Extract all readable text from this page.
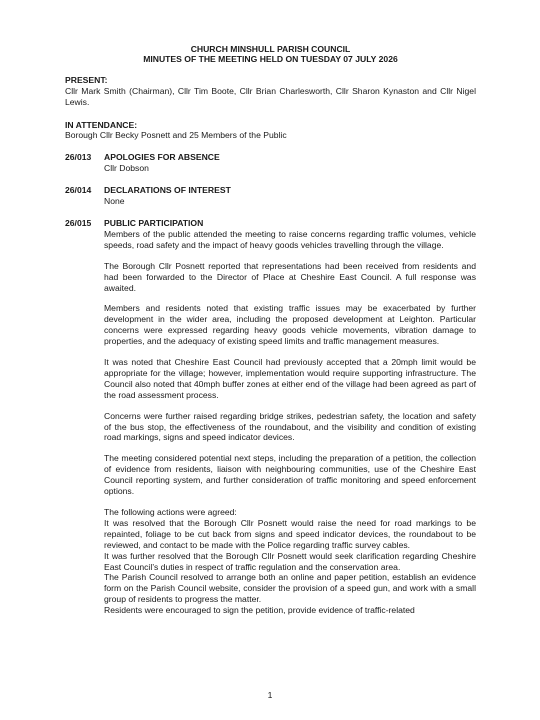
CHURCH MINSHULL PARISH COUNCIL
MINUTES OF THE MEETING HELD ON TUESDAY 07 JULY 2026
PRESENT:
Cllr Mark Smith (Chairman), Cllr Tim Boote, Cllr Brian Charlesworth, Cllr Sharon Kynaston and Cllr Nigel Lewis.
IN ATTENDANCE:
Borough Cllr Becky Posnett and 25 Members of the Public
26/013	APOLOGIES FOR ABSENCE
Cllr Dobson
26/014	DECLARATIONS OF INTEREST
None
26/015	PUBLIC PARTICIPATION
Members of the public attended the meeting to raise concerns regarding traffic volumes, vehicle speeds, road safety and the impact of heavy goods vehicles travelling through the village.
The Borough Cllr Posnett reported that representations had been received from residents and had been forwarded to the Director of Place at Cheshire East Council. A full response was awaited.
Members and residents noted that existing traffic issues may be exacerbated by further development in the wider area, including the proposed development at Leighton. Particular concerns were expressed regarding heavy goods vehicle movements, vibration damage to properties, and the adequacy of existing speed limits and traffic management measures.
It was noted that Cheshire East Council had previously accepted that a 20mph limit would be appropriate for the village; however, implementation would require supporting infrastructure. The Council also noted that 40mph buffer zones at either end of the village had been agreed as part of the road assessment process.
Concerns were further raised regarding bridge strikes, pedestrian safety, the location and safety of the bus stop, the effectiveness of the roundabout, and the visibility and condition of existing road markings, signs and speed indicator devices.
The meeting considered potential next steps, including the preparation of a petition, the collection of evidence from residents, liaison with neighbouring communities, use of the Cheshire East Council reporting system, and further consideration of traffic monitoring and speed enforcement options.
The following actions were agreed:
It was resolved that the Borough Cllr Posnett would raise the need for road markings to be repainted, foliage to be cut back from signs and speed indicator devices, the roundabout to be reviewed, and contact to be made with the Police regarding traffic survey cables.
It was further resolved that the Borough Cllr Posnett would seek clarification regarding Cheshire East Council’s duties in respect of traffic regulation and the conservation area.
The Parish Council resolved to arrange both an online and paper petition, establish an evidence form on the Parish Council website, consider the provision of a speed gun, and work with a small group of residents to progress the matter.
Residents were encouraged to sign the petition, provide evidence of traffic-related
1
